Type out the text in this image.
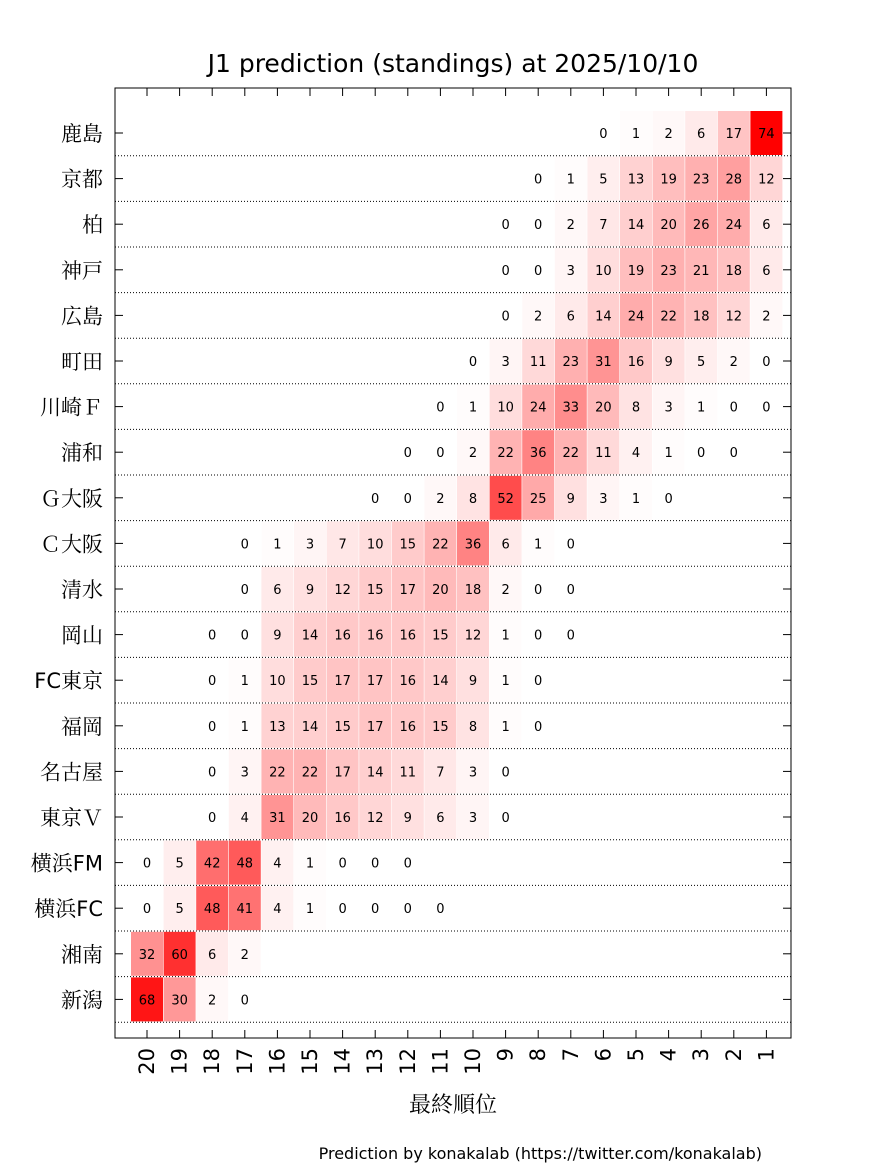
J1 prediction (standings) at 2025/10/10
0 1 2 6 17 74
0 1 5 13 19 23 28 12
0 0 2 7 14 20 26 24 6
0 0 3 10 19 23 21 18 6
0 2 6 14 24 22 18 12 2
0 3 11 23 31 16 9 5 2 0
0 1 10 24 33 20 8 3 1 0 0
0 0 2 22 36 22 11 4 1 0 0
0 0 2 8 52 25 9 3 1 0
0 1 3 7 10 15 22 36 6 1 0
0 6 9 12 15 17 20 18 2 0 0
0 0 9 14 16 16 16 15 12 1 0 0
0 1 10 15 17 17 16 14 9 1 0
0 1 13 14 15 17 16 15 8 1 0
0 3 22 22 17 14 11 7 3 0
0 4 31 20 16 12 9 6 3 0
0 5 42 48 4 1 0 0 0
0 5 48 41 4 1 0 0 0 0
32 60 6 2
68 30 2 0
鹿島
京都
柏
神戸
広島
町田
川崎Ｆ
浦和
Ｇ大阪
Ｃ大阪
清水
岡山
FC東京
福岡
名古屋
東京Ｖ
横浜FM
横浜FC
湘南
新潟
20 19 18 17 16 15 14 13 12 11 10 9 8 7 6 5 4 3 2 1
最終順位
Prediction by konakalab (https://twitter.com/konakalab)
